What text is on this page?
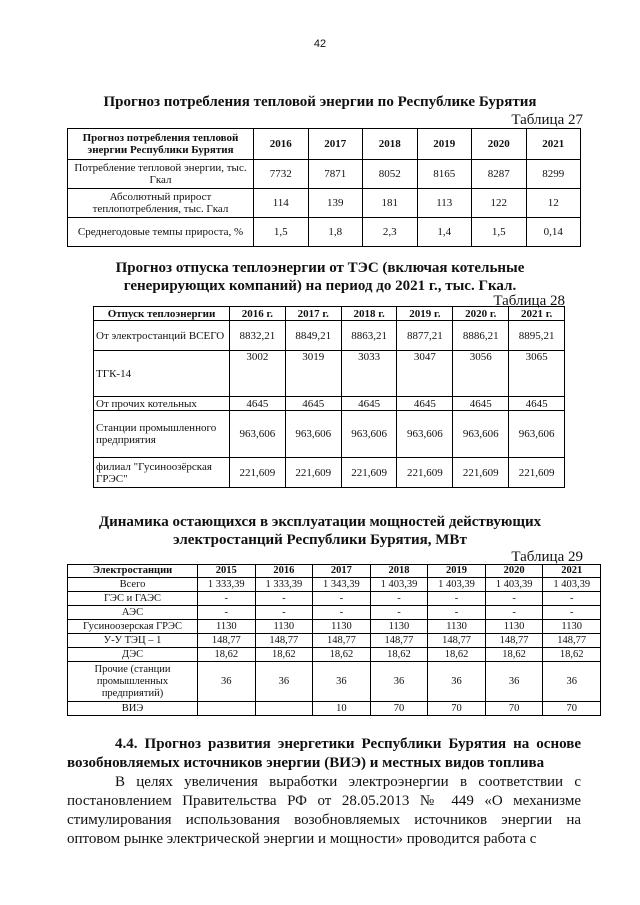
42
Прогноз потребления тепловой энергии по Республике Бурятия
Таблица 27
Прогноз потребления тепловой энергии Республики Бурятия	2016	2017	2018	2019	2020	2021
Потребление тепловой энергии, тыс. Гкал	7732	7871	8052	8165	8287	8299
Абсолютный прирост теплопотребления, тыс. Гкал	114	139	181	113	122	12
Среднегодовые темпы прироста, %	1,5	1,8	2,3	1,4	1,5	0,14
Прогноз отпуска теплоэнергии от ТЭС (включая котельные
генерирующих компаний) на период до 2021 г., тыс. Гкал.
Таблица 28
Отпуск теплоэнергии	2016 г.	2017 г.	2018 г.	2019 г.	2020 г.	2021 г.
От электростанций ВСЕГО	8832,21	8849,21	8863,21	8877,21	8886,21	8895,21
ТГК-14	3002	3019	3033	3047	3056	3065
От прочих котельных	4645	4645	4645	4645	4645	4645
Станции промышленного предприятия	963,606	963,606	963,606	963,606	963,606	963,606
филиал "Гусиноозёрская ГРЭС"	221,609	221,609	221,609	221,609	221,609	221,609
Динамика остающихся в эксплуатации мощностей действующих
электростанций Республики Бурятия, МВт
Таблица 29
Электростанции	2015	2016	2017	2018	2019	2020	2021
Всего	1 333,39	1 333,39	1 343,39	1 403,39	1 403,39	1 403,39	1 403,39
ГЭС и ГАЭС	-	-	-	-	-	-	-
АЭС	-	-	-	-	-	-	-
Гусиноозерская ГРЭС	1130	1130	1130	1130	1130	1130	1130
У-У ТЭЦ – 1	148,77	148,77	148,77	148,77	148,77	148,77	148,77
ДЭС	18,62	18,62	18,62	18,62	18,62	18,62	18,62
Прочие (станции промышленных предприятий)	36	36	36	36	36	36	36
ВИЭ			10	70	70	70	70
4.4. Прогноз развития энергетики Республики Бурятия на основе возобновляемых источников энергии (ВИЭ) и местных видов топлива
В целях увеличения выработки электроэнергии в соответствии с постановлением Правительства РФ от 28.05.2013 № 449 «О механизме стимулирования использования возобновляемых источников энергии на оптовом рынке электрической энергии и мощности» проводится работа с
